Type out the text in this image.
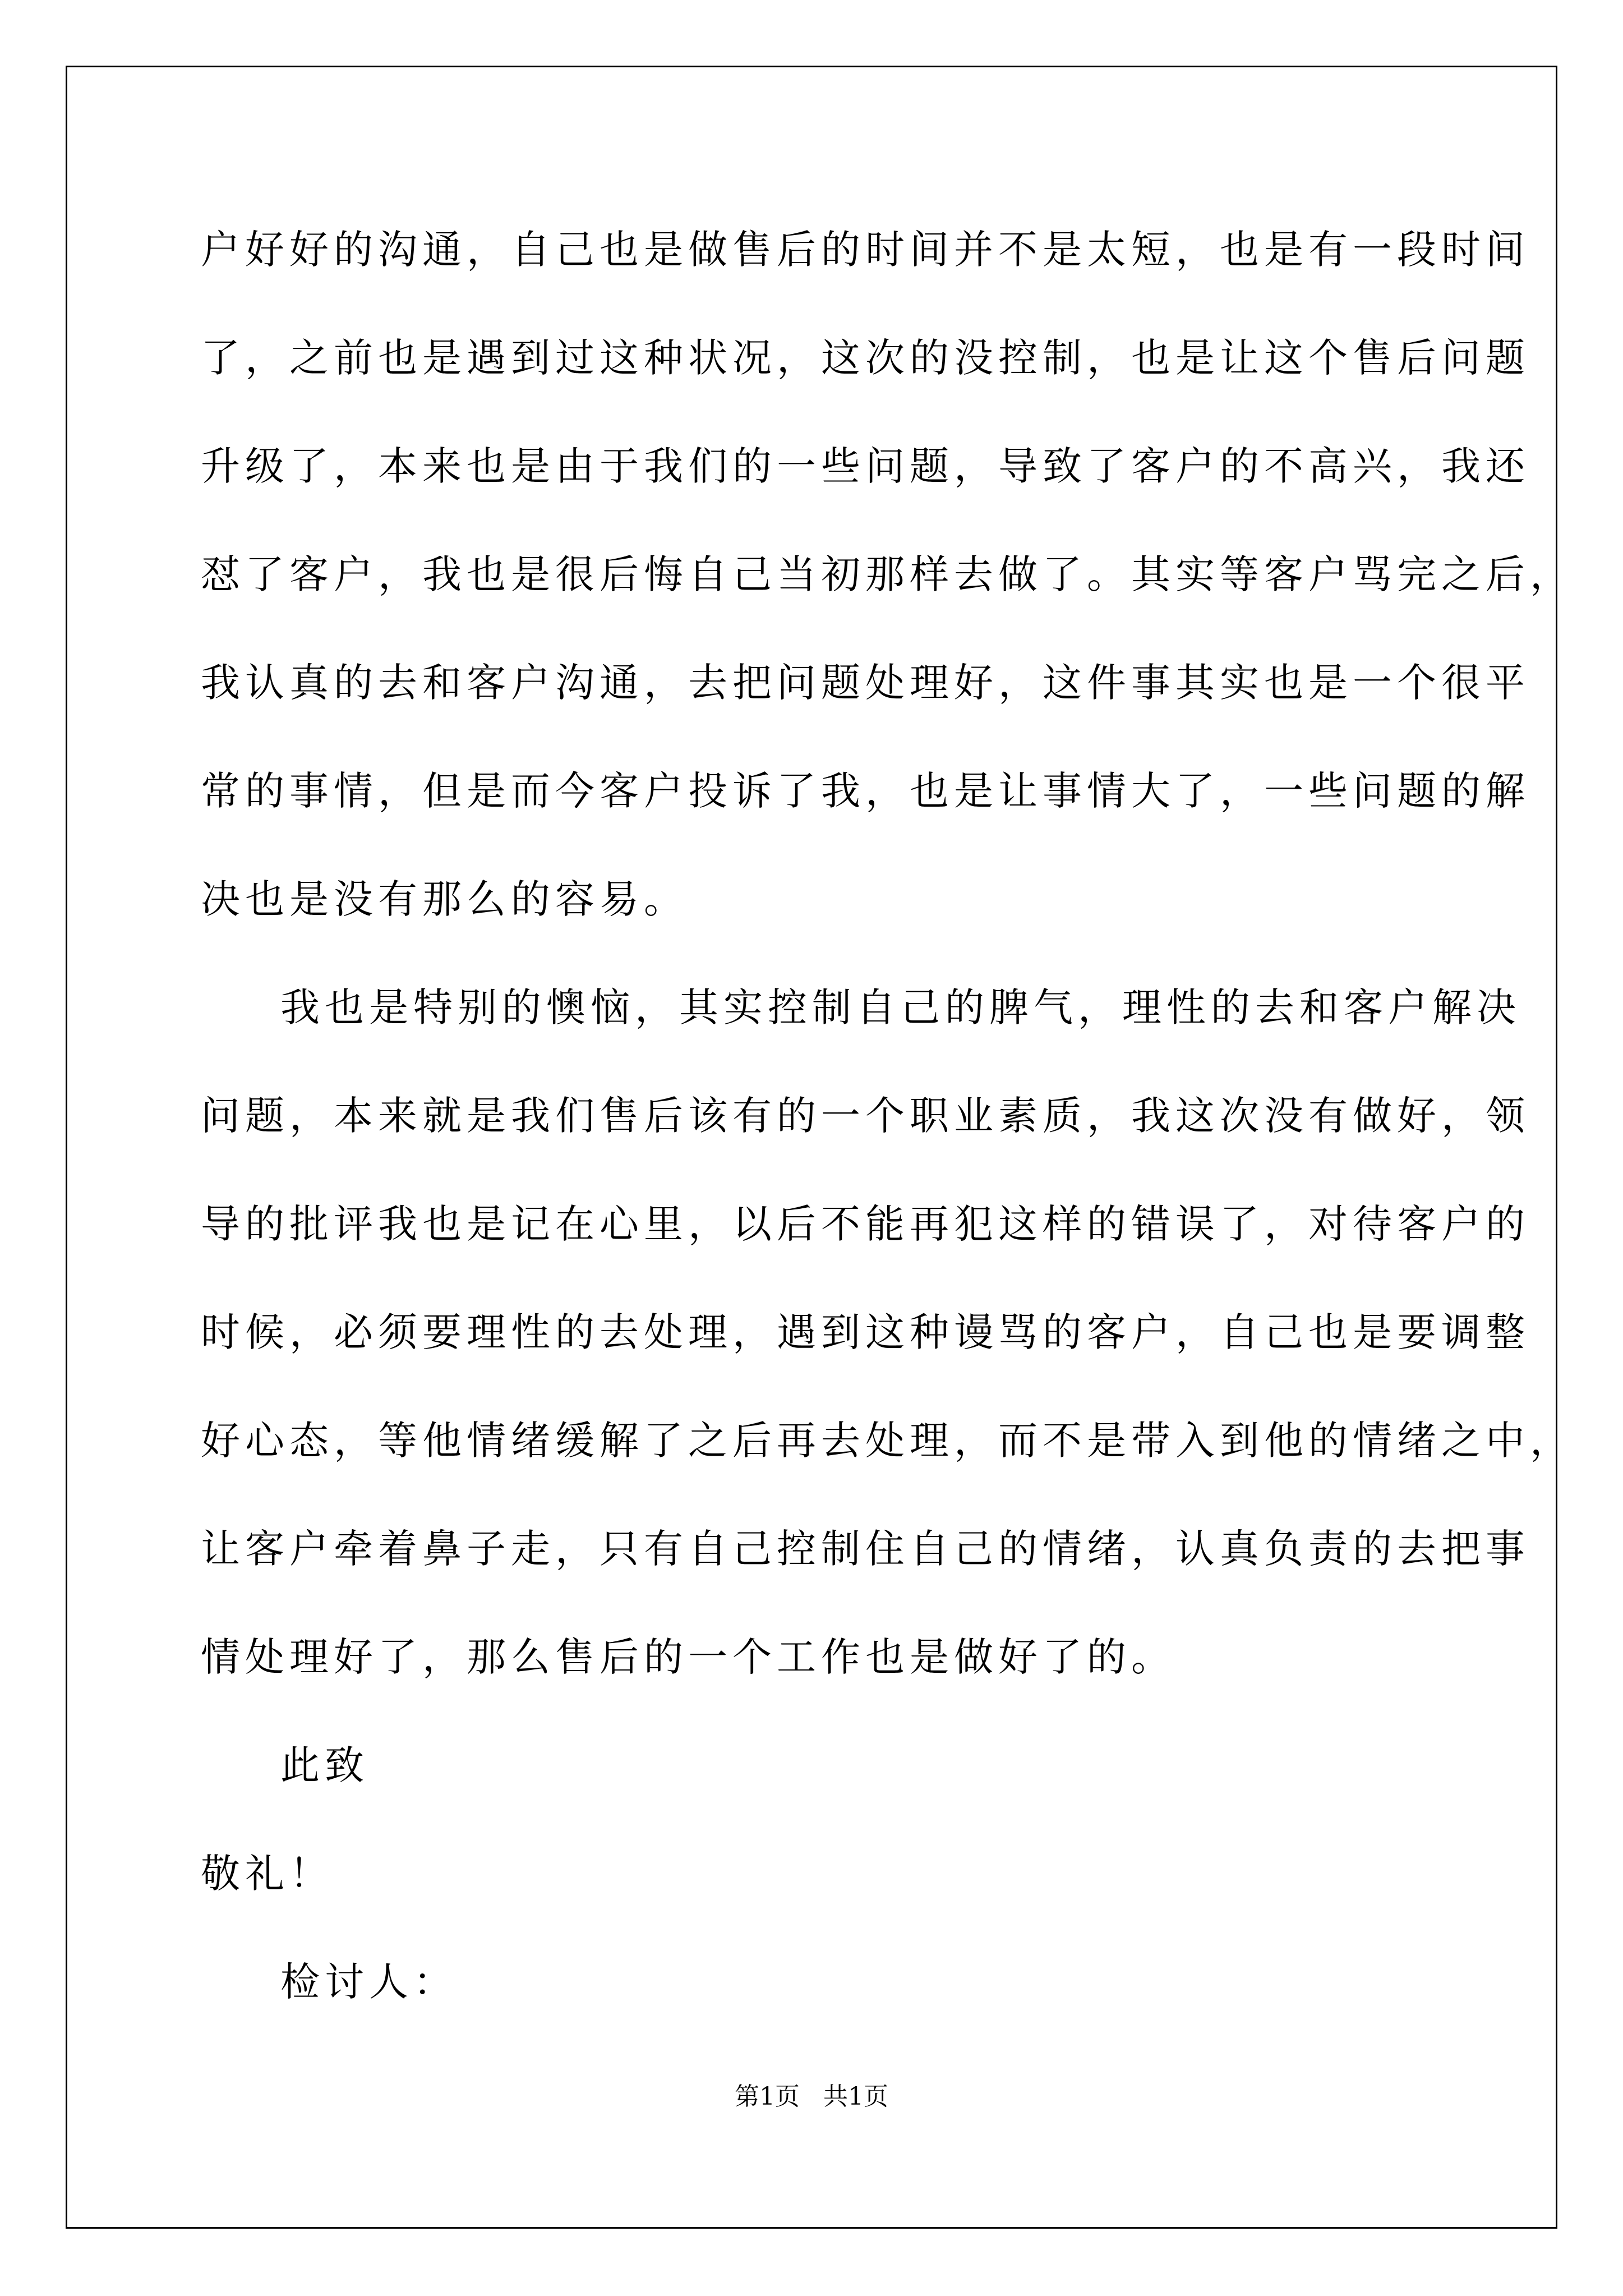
户好好的沟通，自己也是做售后的时间并不是太短，也是有一段时间
了，之前也是遇到过这种状况，这次的没控制，也是让这个售后问题
升级了，本来也是由于我们的一些问题，导致了客户的不高兴，我还
怼了客户，我也是很后悔自己当初那样去做了。其实等客户骂完之后，
我认真的去和客户沟通，去把问题处理好，这件事其实也是一个很平
常的事情，但是而今客户投诉了我，也是让事情大了，一些问题的解
决也是没有那么的容易。
我也是特别的懊恼，其实控制自己的脾气，理性的去和客户解决
问题，本来就是我们售后该有的一个职业素质，我这次没有做好，领
导的批评我也是记在心里，以后不能再犯这样的错误了，对待客户的
时候，必须要理性的去处理，遇到这种谩骂的客户，自己也是要调整
好心态，等他情绪缓解了之后再去处理，而不是带入到他的情绪之中，
让客户牵着鼻子走，只有自己控制住自己的情绪，认真负责的去把事
情处理好了，那么售后的一个工作也是做好了的。
此致
敬礼！
检讨人：
第1页   共1页
